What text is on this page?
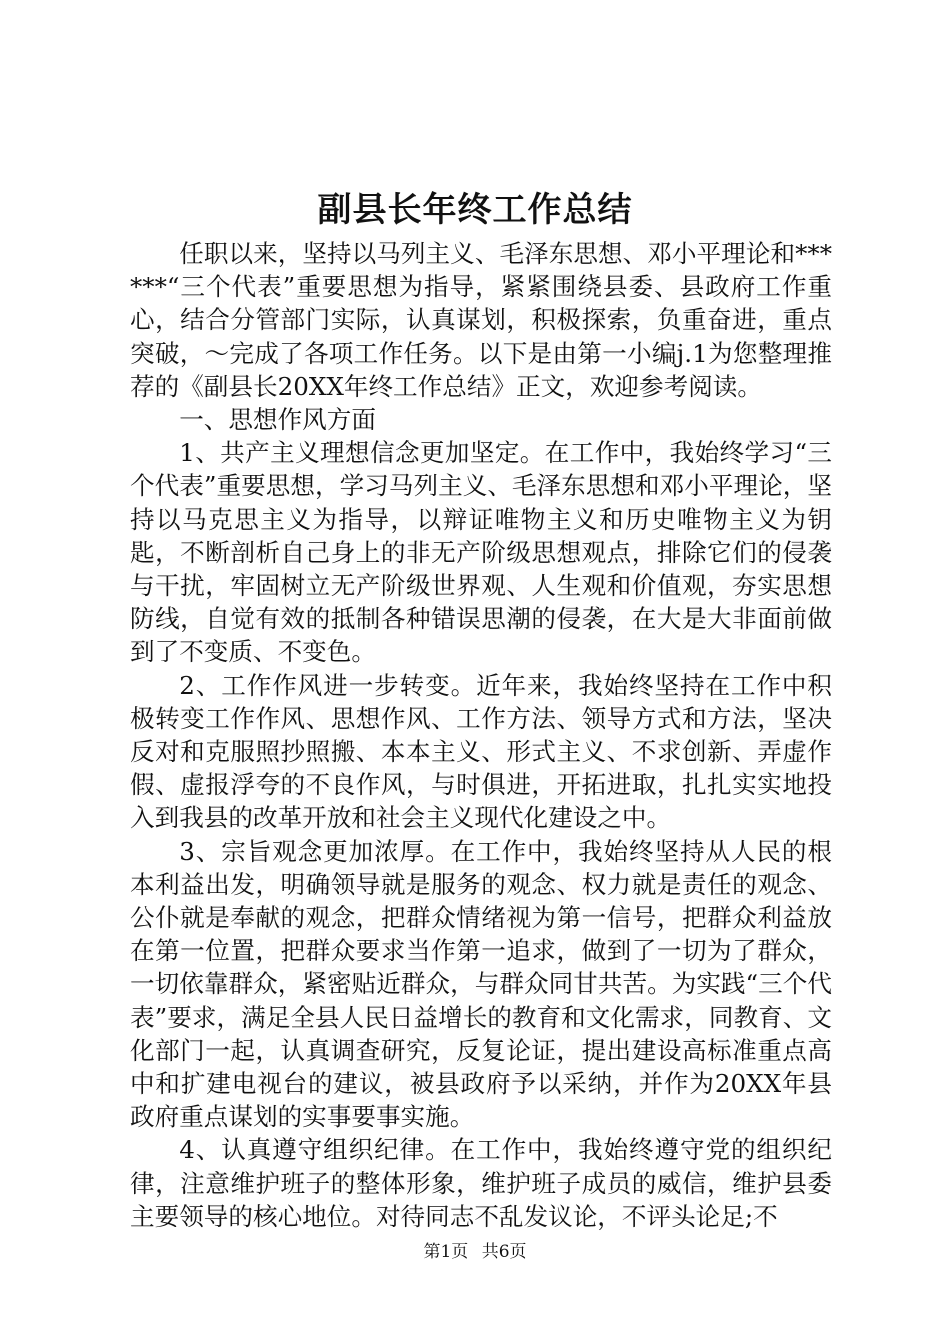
副县长年终工作总结

任职以来，坚持以马列主义、毛泽东思想、邓小平理论和******“三个代表”重要思想为指导，紧紧围绕县委、县政府工作重心，结合分管部门实际，认真谋划，积极探索，负重奋进，重点突破，～完成了各项工作任务。以下是由第一小编j.1为您整理推荐的《副县长20XX年终工作总结》正文，欢迎参考阅读。

一、思想作风方面

1、共产主义理想信念更加坚定。在工作中，我始终学习“三个代表”重要思想，学习马列主义、毛泽东思想和邓小平理论，坚持以马克思主义为指导，以辩证唯物主义和历史唯物主义为钥匙，不断剖析自己身上的非无产阶级思想观点，排除它们的侵袭与干扰，牢固树立无产阶级世界观、人生观和价值观，夯实思想防线，自觉有效的抵制各种错误思潮的侵袭，在大是大非面前做到了不变质、不变色。

2、工作作风进一步转变。近年来，我始终坚持在工作中积极转变工作作风、思想作风、工作方法、领导方式和方法，坚决反对和克服照抄照搬、本本主义、形式主义、不求创新、弄虚作假、虚报浮夸的不良作风，与时俱进，开拓进取，扎扎实实地投入到我县的改革开放和社会主义现代化建设之中。

3、宗旨观念更加浓厚。在工作中，我始终坚持从人民的根本利益出发，明确领导就是服务的观念、权力就是责任的观念、公仆就是奉献的观念，把群众情绪视为第一信号，把群众利益放在第一位置，把群众要求当作第一追求，做到了一切为了群众，一切依靠群众，紧密贴近群众，与群众同甘共苦。为实践“三个代表”要求，满足全县人民日益增长的教育和文化需求，同教育、文化部门一起，认真调查研究，反复论证，提出建设高标准重点高中和扩建电视台的建议，被县政府予以采纳，并作为20XX年县政府重点谋划的实事要事实施。

4、认真遵守组织纪律。在工作中，我始终遵守党的组织纪律，注意维护班子的整体形象，维护班子成员的威信，维护县委主要领导的核心地位。对待同志不乱发议论，不评头论足;不

第1页 共6页
